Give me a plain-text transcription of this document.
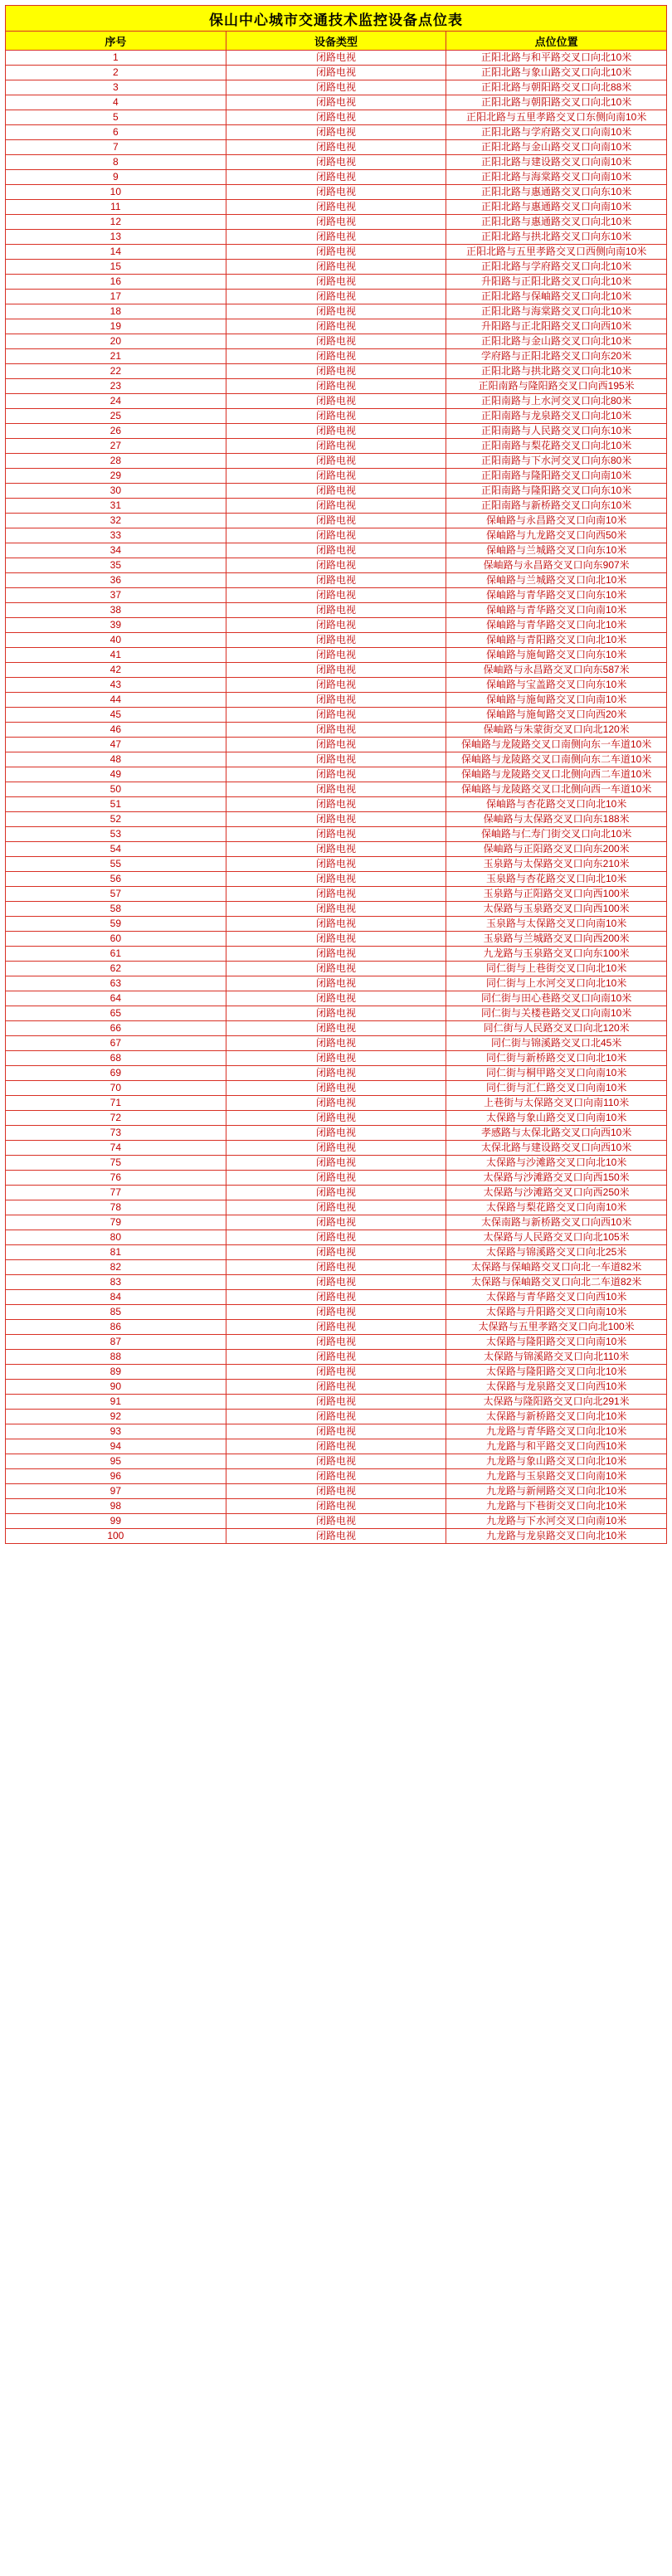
保山中心城市交通技术监控设备点位表		
序号	设备类型	点位位置
1	闭路电视	正阳北路与和平路交叉口向北10米
2	闭路电视	正阳北路与象山路交叉口向北10米
3	闭路电视	正阳北路与朝阳路交叉口向北88米
4	闭路电视	正阳北路与朝阳路交叉口向北10米
5	闭路电视	正阳北路与五里孝路交叉口东侧向南10米
6	闭路电视	正阳北路与学府路交叉口向南10米
7	闭路电视	正阳北路与金山路交叉口向南10米
8	闭路电视	正阳北路与建设路交叉口向南10米
9	闭路电视	正阳北路与海棠路交叉口向南10米
10	闭路电视	正阳北路与惠通路交叉口向东10米
11	闭路电视	正阳北路与惠通路交叉口向南10米
12	闭路电视	正阳北路与惠通路交叉口向北10米
13	闭路电视	正阳北路与拱北路交叉口向东10米
14	闭路电视	正阳北路与五里孝路交叉口西侧向南10米
15	闭路电视	正阳北路与学府路交叉口向北10米
16	闭路电视	升阳路与正阳北路交叉口向北10米
17	闭路电视	正阳北路与保岫路交叉口向北10米
18	闭路电视	正阳北路与海棠路交叉口向北10米
19	闭路电视	升阳路与正北阳路交叉口向西10米
20	闭路电视	正阳北路与金山路交叉口向北10米
21	闭路电视	学府路与正阳北路交叉口向东20米
22	闭路电视	正阳北路与拱北路交叉口向北10米
23	闭路电视	正阳南路与隆阳路交叉口向西195米
24	闭路电视	正阳南路与上水河交叉口向北80米
25	闭路电视	正阳南路与龙泉路交叉口向北10米
26	闭路电视	正阳南路与人民路交叉口向东10米
27	闭路电视	正阳南路与梨花路交叉口向北10米
28	闭路电视	正阳南路与下水河交叉口向东80米
29	闭路电视	正阳南路与隆阳路交叉口向南10米
30	闭路电视	正阳南路与隆阳路交叉口向东10米
31	闭路电视	正阳南路与新桥路交叉口向东10米
32	闭路电视	保岫路与永昌路交叉口向南10米
33	闭路电视	保岫路与九龙路交叉口向西50米
34	闭路电视	保岫路与兰城路交叉口向东10米
35	闭路电视	保岫路与永昌路交叉口向东907米
36	闭路电视	保岫路与兰城路交叉口向北10米
37	闭路电视	保岫路与青华路交叉口向东10米
38	闭路电视	保岫路与青华路交叉口向南10米
39	闭路电视	保岫路与青华路交叉口向北10米
40	闭路电视	保岫路与青阳路交叉口向北10米
41	闭路电视	保岫路与施甸路交叉口向东10米
42	闭路电视	保岫路与永昌路交叉口向东587米
43	闭路电视	保岫路与宝盖路交叉口向东10米
44	闭路电视	保岫路与施甸路交叉口向南10米
45	闭路电视	保岫路与施甸路交叉口向西20米
46	闭路电视	保岫路与朱蒙街交叉口向北120米
47	闭路电视	保岫路与龙陵路交叉口南侧向东一车道10米
48	闭路电视	保岫路与龙陵路交叉口南侧向东二车道10米
49	闭路电视	保岫路与龙陵路交叉口北侧向西二车道10米
50	闭路电视	保岫路与龙陵路交叉口北侧向西一车道10米
51	闭路电视	保岫路与杏花路交叉口向北10米
52	闭路电视	保岫路与太保路交叉口向东188米
53	闭路电视	保岫路与仁寿门街交叉口向北10米
54	闭路电视	保岫路与正阳路交叉口向东200米
55	闭路电视	玉泉路与太保路交叉口向东210米
56	闭路电视	玉泉路与杏花路交叉口向北10米
57	闭路电视	玉泉路与正阳路交叉口向西100米
58	闭路电视	太保路与玉泉路交叉口向西100米
59	闭路电视	玉泉路与太保路交叉口向南10米
60	闭路电视	玉泉路与兰城路交叉口向西200米
61	闭路电视	九龙路与玉泉路交叉口向东100米
62	闭路电视	同仁街与上巷街交叉口向北10米
63	闭路电视	同仁街与上水河交叉口向北10米
64	闭路电视	同仁街与田心巷路交叉口向南10米
65	闭路电视	同仁街与关楼巷路交叉口向南10米
66	闭路电视	同仁街与人民路交叉口向北120米
67	闭路电视	同仁街与锦溪路交叉口北45米
68	闭路电视	同仁街与新桥路交叉口向北10米
69	闭路电视	同仁街与桐甲路交叉口向南10米
70	闭路电视	同仁街与汇仁路交叉口向南10米
71	闭路电视	上巷街与太保路交叉口向南110米
72	闭路电视	太保路与象山路交叉口向南10米
73	闭路电视	孝感路与太保北路交叉口向西10米
74	闭路电视	太保北路与建设路交叉口向西10米
75	闭路电视	太保路与沙滩路交叉口向北10米
76	闭路电视	太保路与沙滩路交叉口向西150米
77	闭路电视	太保路与沙滩路交叉口向西250米
78	闭路电视	太保路与梨花路交叉口向南10米
79	闭路电视	太保南路与新桥路交叉口向西10米
80	闭路电视	太保路与人民路交叉口向北105米
81	闭路电视	太保路与锦溪路交叉口向北25米
82	闭路电视	太保路与保岫路交叉口向北一车道82米
83	闭路电视	太保路与保岫路交叉口向北二车道82米
84	闭路电视	太保路与青华路交叉口向西10米
85	闭路电视	太保路与升阳路交叉口向南10米
86	闭路电视	太保路与五里孝路交叉口向北100米
87	闭路电视	太保路与隆阳路交叉口向南10米
88	闭路电视	太保路与锦溪路交叉口向北110米
89	闭路电视	太保路与隆阳路交叉口向北10米
90	闭路电视	太保路与龙泉路交叉口向西10米
91	闭路电视	太保路与隆阳路交叉口向北291米
92	闭路电视	太保路与新桥路交叉口向北10米
93	闭路电视	九龙路与青华路交叉口向北10米
94	闭路电视	九龙路与和平路交叉口向西10米
95	闭路电视	九龙路与象山路交叉口向北10米
96	闭路电视	九龙路与玉泉路交叉口向南10米
97	闭路电视	九龙路与新闸路交叉口向北10米
98	闭路电视	九龙路与下巷街交叉口向北10米
99	闭路电视	九龙路与下水河交叉口向南10米
100	闭路电视	九龙路与龙泉路交叉口向北10米
